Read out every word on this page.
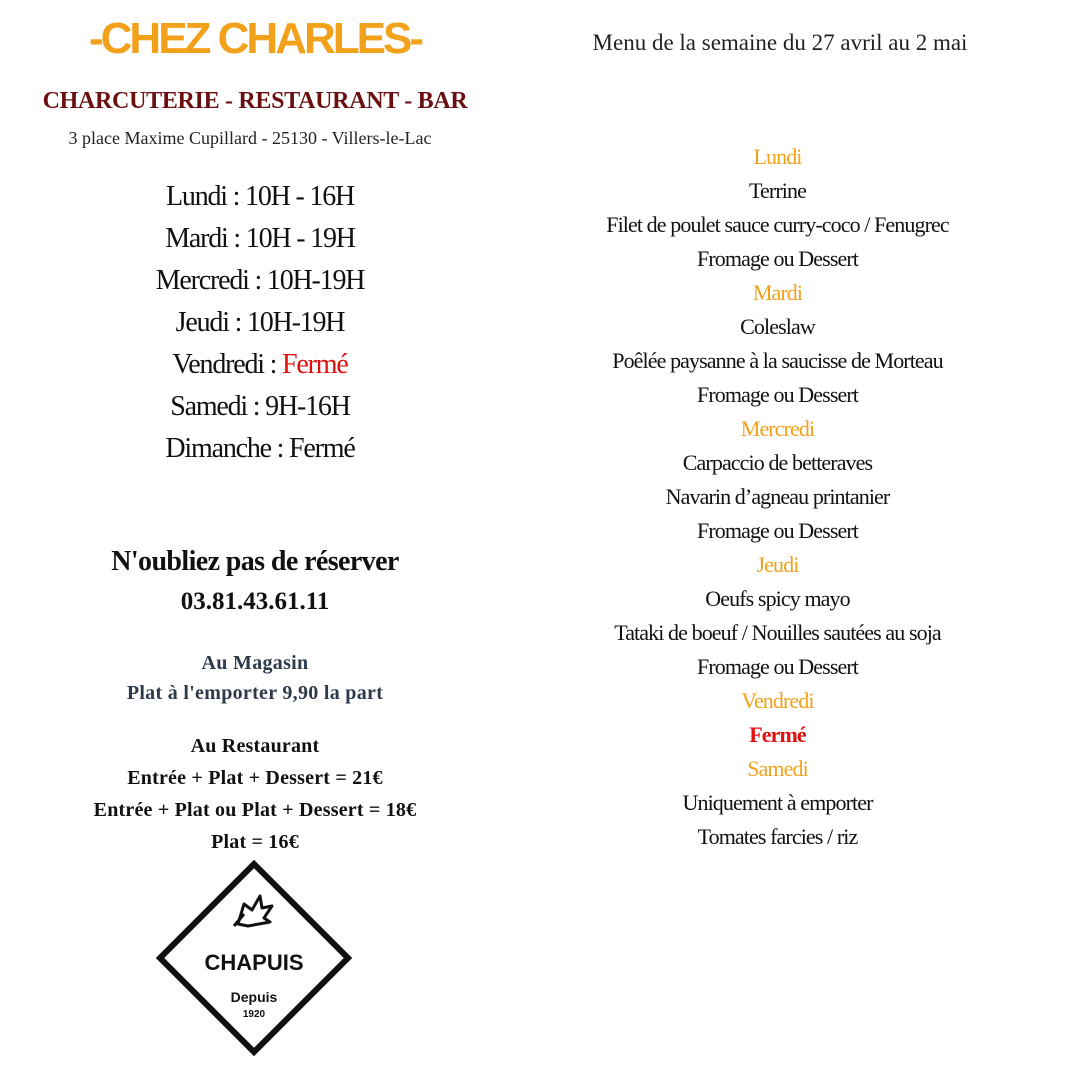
-CHEZ CHARLES-
CHARCUTERIE - RESTAURANT - BAR
3 place Maxime Cupillard - 25130 - Villers-le-Lac
Lundi : 10H - 16H
Mardi : 10H - 19H
Mercredi : 10H-19H
Jeudi : 10H-19H
Vendredi : Fermé
Samedi : 9H-16H
Dimanche : Fermé
N'oubliez pas de réserver
03.81.43.61.11
Au Magasin
Plat à l'emporter 9,90 la part
Au Restaurant
Entrée + Plat + Dessert = 21€
Entrée + Plat ou Plat + Dessert = 18€
Plat = 16€
CHAPUIS
Depuis
1920
Menu de la semaine du 27 avril au 2 mai
Lundi
Terrine
Filet de poulet sauce curry-coco / Fenugrec
Fromage ou Dessert
Mardi
Coleslaw
Poêlée paysanne à la saucisse de Morteau
Fromage ou Dessert
Mercredi
Carpaccio de betteraves
Navarin d’agneau printanier
Fromage ou Dessert
Jeudi
Oeufs spicy mayo
Tataki de boeuf / Nouilles sautées au soja
Fromage ou Dessert
Vendredi
Fermé
Samedi
Uniquement à emporter
Tomates farcies / riz
